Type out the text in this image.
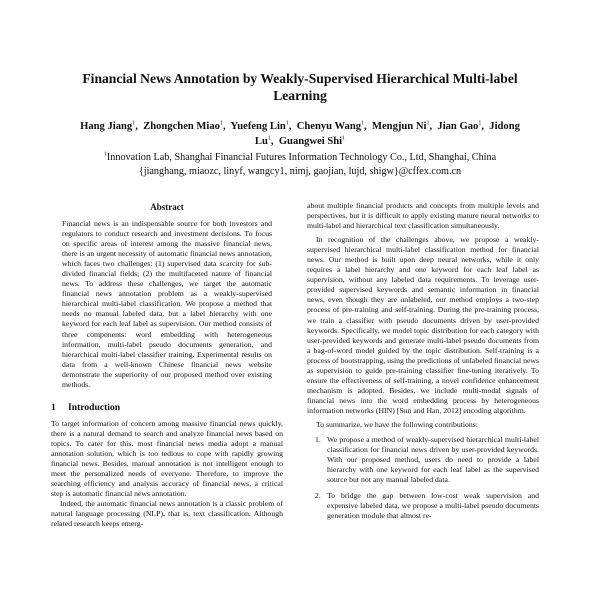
Financial News Annotation by Weakly-Supervised Hierarchical Multi-label Learning
Hang Jiang$^1$,  Zhongchen Miao$^1$,  Yuefeng Lin$^1$,  Chenyu Wang$^1$,  Mengjun Ni$^1$,  Jian Gao$^1$,  Jidong Lu$^1$,  Guangwei Shi$^1$
$^1$Innovation Lab, Shanghai Financial Futures Information Technology Co., Ltd, Shanghai, China
{jianghang, miaozc, linyf, wangcy1, nimj, gaojian, lujd, shigw}@cffex.com.cn
Abstract

Financial news is an indispensable source for both investors and regulators to conduct research and investment decisions. To focus on specific areas of interest among the massive financial news, there is an urgent necessity of automatic financial news annotation, which faces two challenges: (1) supervised data scarcity for sub-divided financial fields; (2) the multifaceted nature of financial news. To address these challenges, we target the automatic financial news annotation problem as a weakly-supervised hierarchical multi-label classification. We propose a method that needs no manual labeled data, but a label hierarchy with one keyword for each leaf label as supervision. Our method consists of three components: word embedding with heterogeneous information, multi-label pseudo documents generation, and hierarchical multi-label classifier training. Experimental results on data from a well-known Chinese financial news website demonstrate the superiority of our proposed method over existing methods.

1 Introduction

To target information of concern among massive financial news quickly, there is a natural demand to search and analyze financial news based on topics. To cater for this, most financial news media adopt a manual annotation solution, which is too tedious to cope with rapidly growing financial news. Besides, manual annotation is not intelligent enough to meet the personalized needs of everyone. Therefore, to improve the searching efficiency and analysis accuracy of financial news, a critical step is automatic financial news annotation.

Indeed, the automatic financial news annotation is a classic problem of natural language processing (NLP), that is, text classification. Although related research keeps emerg-

about multiple financial products and concepts from multiple levels and perspectives, but it is difficult to apply existing mature neural networks to multi-label and hierarchical text classification simultaneously.

In recognition of the challenges above, we propose a weakly-supervised hierarchical multi-label classification method for financial news. Our method is built upon deep neural networks, while it only requires a label hierarchy and one keyword for each leaf label as supervision, without any labeled data requirements. To leverage user-provided supervised keywords and semantic information in financial news, even though they are unlabeled, our method employs a two-step process of pre-training and self-training. During the pre-training process, we train a classifier with pseudo documents driven by user-provided keywords. Specifically, we model topic distribution for each category with user-provided keywords and generate multi-label pseudo documents from a bag-of-word model guided by the topic distribution. Self-training is a process of bootstrapping, using the predictions of unlabeled financial news as supervision to guide pre-training classifier fine-tuning iteratively. To ensure the effectiveness of self-training, a novel confidence enhancement mechanism is adopted. Besides, we include multi-modal signals of financial news into the word embedding process by heterogeneous information networks (HIN) [Sun and Han, 2012] encoding algorithm.

To summarize, we have the following contributions:

1. We propose a method of weakly-supervised hierarchical multi-label classification for financial news driven by user-provided keywords. With our proposed method, users do need to provide a label hierarchy with one keyword for each leaf label as the supervised source but not any manual labeled data.
2. To bridge the gap between low-cost weak supervision and expensive labeled data, we propose a multi-label pseudo documents generation module that almost re-
